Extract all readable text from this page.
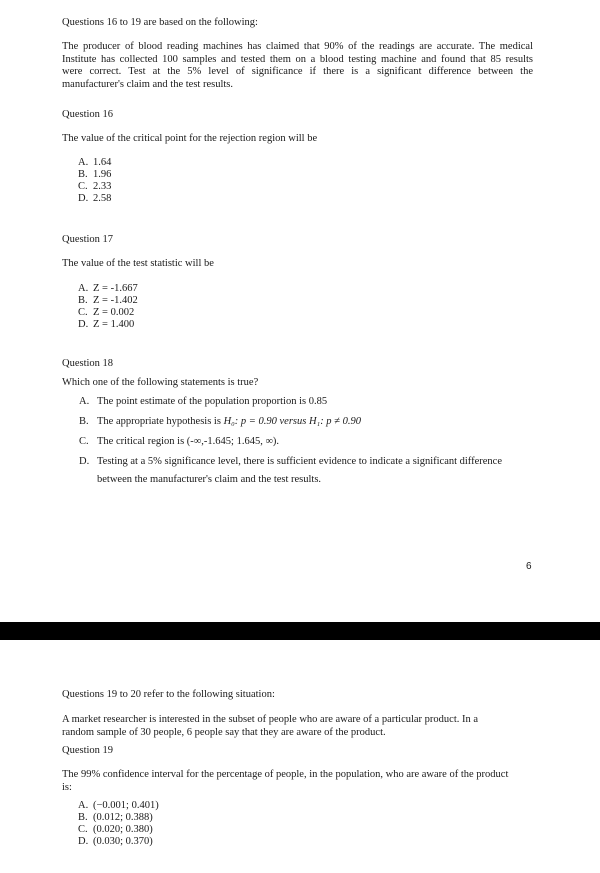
Questions 16 to 19 are based on the following:
The producer of blood reading machines has claimed that 90% of the readings are accurate. The medical
Institute has collected 100 samples and tested them on a blood testing machine and found that 85 results
were correct. Test at the 5% level of significance if there is a significant difference between the
manufacturer's claim and the test results.
Question 16
The value of the critical point for the rejection region will be
A. 1.64
B. 1.96
C. 2.33
D. 2.58
Question 17
The value of the test statistic will be
A. Z = -1.667
B. Z = -1.402
C. Z = 0.002
D. Z = 1.400
Question 18
Which one of the following statements is true?
A. The point estimate of the population proportion is 0.85
B. The appropriate hypothesis is H₀: p = 0.90 versus H₁: p ≠ 0.90
C. The critical region is (-∞,-1.645; 1.645, ∞).
D. Testing at a 5% significance level, there is sufficient evidence to indicate a significant difference
between the manufacturer's claim and the test results.
6
Questions 19 to 20 refer to the following situation:
A market researcher is interested in the subset of people who are aware of a particular product. In a
random sample of 30 people, 6 people say that they are aware of the product.
Question 19
The 99% confidence interval for the percentage of people, in the population, who are aware of the product
is:
A. (−0.001; 0.401)
B. (0.012; 0.388)
C. (0.020; 0.380)
D. (0.030; 0.370)
